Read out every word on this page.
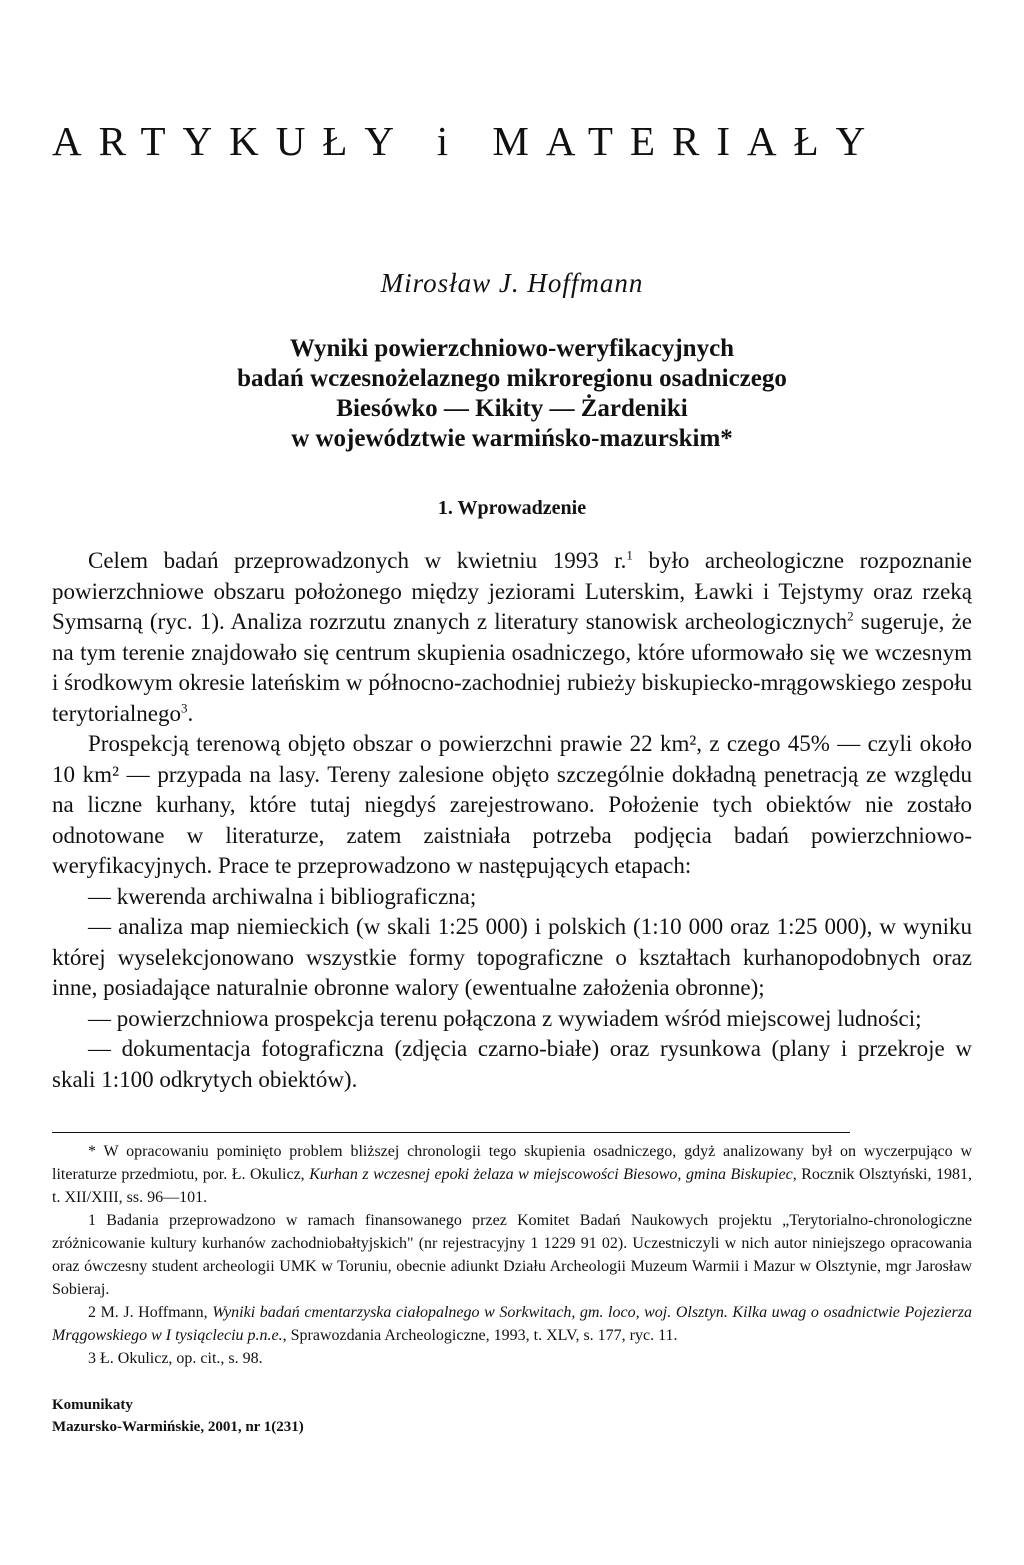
ARTYKUŁY i MATERIAŁY
Mirosław J. Hoffmann
Wyniki powierzchniowo-weryfikacyjnych
badań wczesnożelaznego mikroregionu osadniczego
Biesówko — Kikity — Żardeniki
w województwie warmińsko-mazurskim*
1. Wprowadzenie

Celem badań przeprowadzonych w kwietniu 1993 r.$^1$ było archeologiczne rozpoznanie powierzchniowe obszaru położonego między jeziorami Luterskim, Ławki i Tejstymy oraz rzeką Symsarną (ryc. 1). Analiza rozrzutu znanych z literatury stanowisk archeologicznych$^2$ sugeruje, że na tym terenie znajdowało się centrum skupienia osadniczego, które uformowało się we wczesnym i środkowym okresie lateńskim w północno-zachodniej rubieży biskupiecko-mrągowskiego zespołu terytorialnego$^3$.

Prospekcją terenową objęto obszar o powierzchni prawie 22 km², z czego 45% — czyli około 10 km² — przypada na lasy. Tereny zalesione objęto szczególnie dokładną penetracją ze względu na liczne kurhany, które tutaj niegdyś zarejestrowano. Położenie tych obiektów nie zostało odnotowane w literaturze, zatem zaistniała potrzeba podjęcia badań powierzchniowo-weryfikacyjnych. Prace te przeprowadzono w następujących etapach:

— kwerenda archiwalna i bibliograficzna;

— analiza map niemieckich (w skali 1:25 000) i polskich (1:10 000 oraz 1:25 000), w wyniku której wyselekcjonowano wszystkie formy topograficzne o kształtach kurhanopodobnych oraz inne, posiadające naturalnie obronne walory (ewentualne założenia obronne);

— powierzchniowa prospekcja terenu połączona z wywiadem wśród miejscowej ludności;

— dokumentacja fotograficzna (zdjęcia czarno-białe) oraz rysunkowa (plany i przekroje w skali 1:100 odkrytych obiektów).

* W opracowaniu pominięto problem bliższej chronologii tego skupienia osadniczego, gdyż analizowany był on wyczerpująco w literaturze przedmiotu, por. Ł. Okulicz, Kurhan z wczesnej epoki żelaza w miejscowości Biesowo, gmina Biskupiec, Rocznik Olsztyński, 1981, t. XII/XIII, ss. 96—101.

1 Badania przeprowadzono w ramach finansowanego przez Komitet Badań Naukowych projektu „Terytorialno-chronologiczne zróżnicowanie kultury kurhanów zachodniobałtyjskich" (nr rejestracyjny 1 1229 91 02). Uczestniczyli w nich autor niniejszego opracowania oraz ówczesny student archeologii UMK w Toruniu, obecnie adiunkt Działu Archeologii Muzeum Warmii i Mazur w Olsztynie, mgr Jarosław Sobieraj.

2 M. J. Hoffmann, Wyniki badań cmentarzyska ciałopalnego w Sorkwitach, gm. loco, woj. Olsztyn. Kilka uwag o osadnictwie Pojezierza Mrągowskiego w I tysiącleciu p.n.e., Sprawozdania Archeologiczne, 1993, t. XLV, s. 177, ryc. 11.

3 Ł. Okulicz, op. cit., s. 98.

Komunikaty
Mazursko-Warmińskie, 2001, nr 1(231)
